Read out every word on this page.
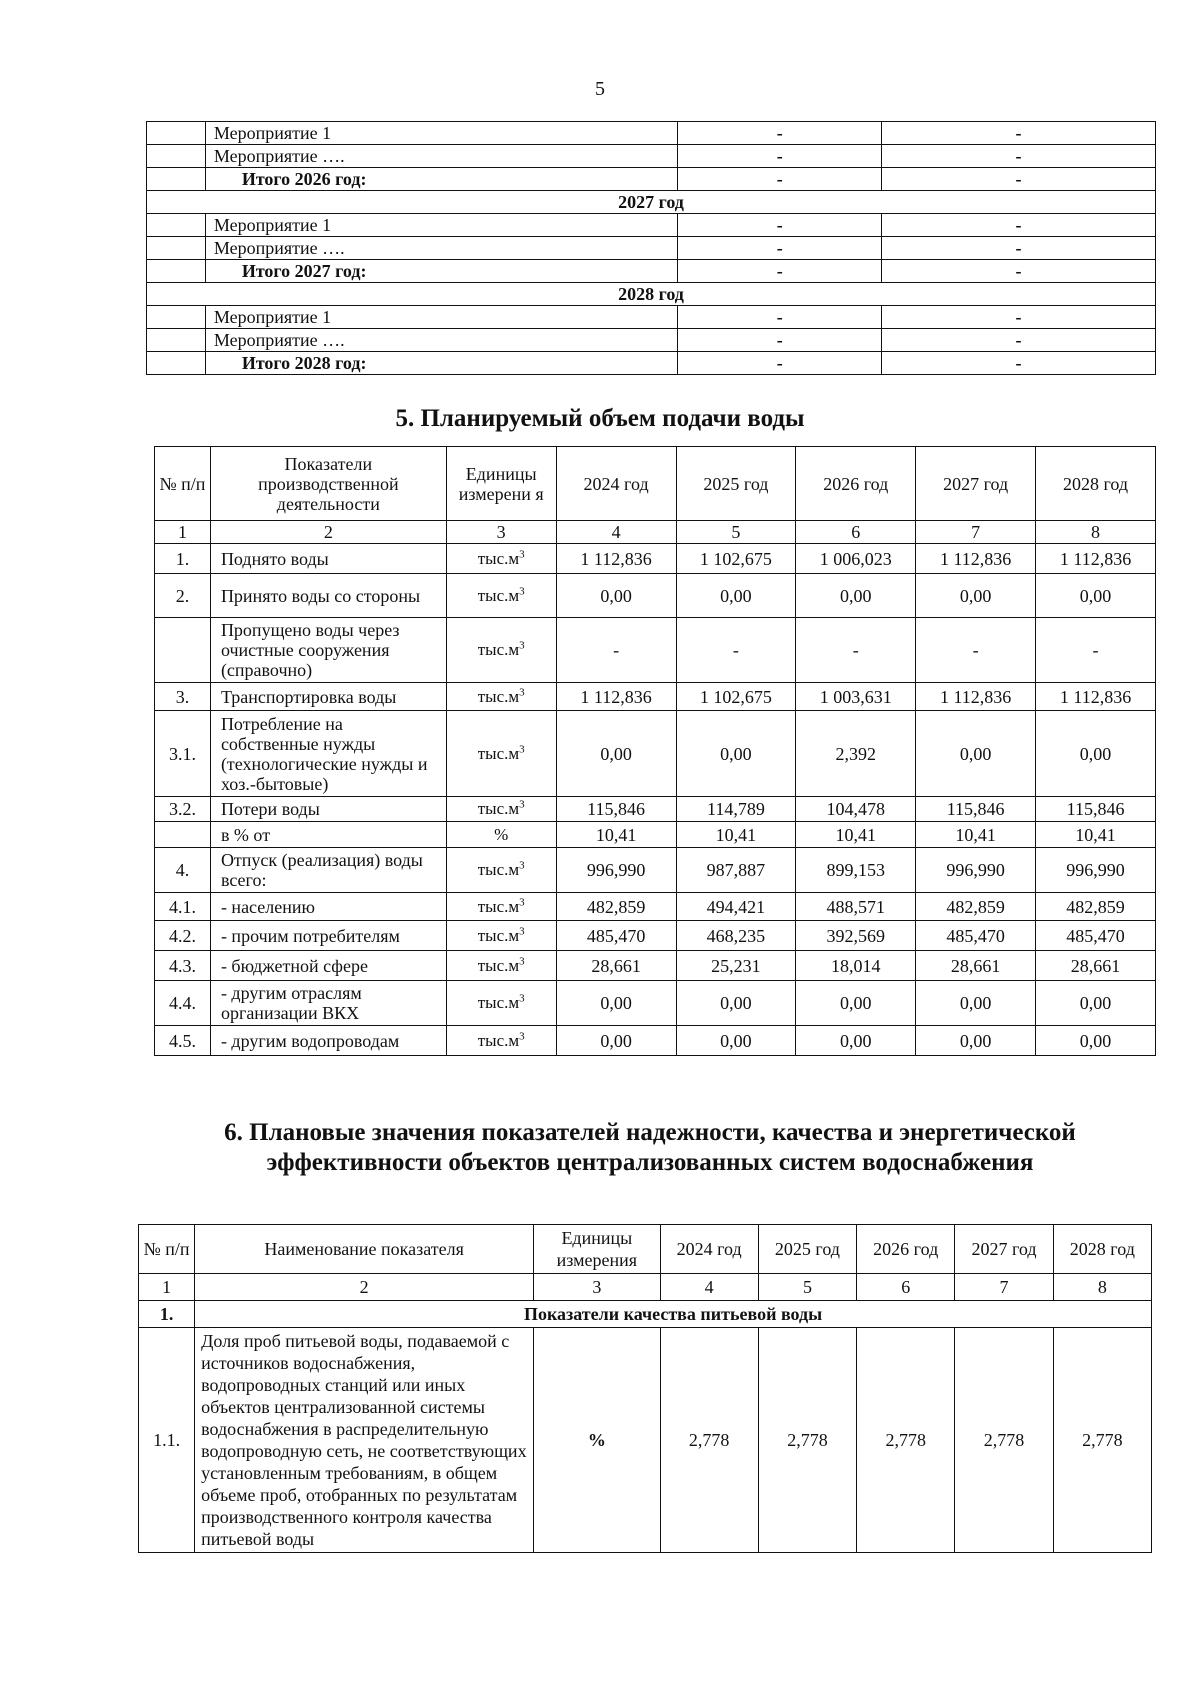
5
	Мероприятие 1	-	-
	Мероприятие ….	-	-
	Итого 2026 год:	-	-
2027 год			
	Мероприятие 1	-	-
	Мероприятие ….	-	-
	Итого 2027 год:	-	-
2028 год			
	Мероприятие 1	-	-
	Мероприятие ….	-	-
	Итого 2028 год:	-	-
5. Планируемый объем подачи воды
№ п/п	Показатели производственной деятельности	Единицы измерени я	2024 год	2025 год	2026 год	2027 год	2028 год
1	2	3	4	5	6	7	8
1.	Поднято воды	$тыс.м^3$	1 112,836	1 102,675	1 006,023	1 112,836	1 112,836
2.	Принято воды со стороны	$тыс.м^3$	0,00	0,00	0,00	0,00	0,00
	Пропущено воды через очистные сооружения (справочно)	$тыс.м^3$	-	-	-	-	-
3.	Транспортировка воды	$тыс.м^3$	1 112,836	1 102,675	1 003,631	1 112,836	1 112,836
3.1.	Потребление на собственные нужды (технологические нужды и хоз.-бытовые)	$тыс.м^3$	0,00	0,00	2,392	0,00	0,00
3.2.	Потери воды	$тыс.м^3$	115,846	114,789	104,478	115,846	115,846
	в % от	%	10,41	10,41	10,41	10,41	10,41
4.	Отпуск (реализация) воды всего:	$тыс.м^3$	996,990	987,887	899,153	996,990	996,990
4.1.	- населению	$тыс.м^3$	482,859	494,421	488,571	482,859	482,859
4.2.	- прочим потребителям	$тыс.м^3$	485,470	468,235	392,569	485,470	485,470
4.3.	- бюджетной сфере	$тыс.м^3$	28,661	25,231	18,014	28,661	28,661
4.4.	- другим отраслям организации ВКХ	$тыс.м^3$	0,00	0,00	0,00	0,00	0,00
4.5.	- другим водопроводам	$тыс.м^3$	0,00	0,00	0,00	0,00	0,00
6. Плановые значения показателей надежности, качества и энергетической эффективности объектов централизованных систем водоснабжения
№ п/п	Наименование показателя	Единицы измерения	2024 год	2025 год	2026 год	2027 год	2028 год
1	2	3	4	5	6	7	8
1.	Показатели качества питьевой воды						
1.1.	Доля проб питьевой воды, подаваемой с источников водоснабжения, водопроводных станций или иных объектов централизованной системы водоснабжения в распределительную водопроводную сеть, не соответствующих установленным требованиям, в общем объеме проб, отобранных по результатам производственного контроля качества питьевой воды	%	2,778	2,778	2,778	2,778	2,778
